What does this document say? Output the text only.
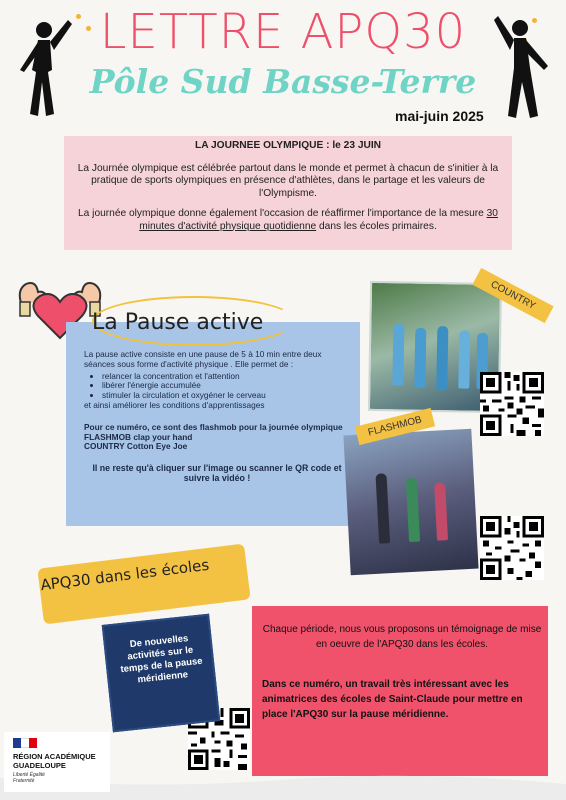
LETTRE APQ30
Pôle Sud Basse-Terre
mai-juin 2025

LA JOURNEE OLYMPIQUE : le 23 JUIN

La Journée olympique est célébrée partout dans le monde et permet à chacun de s'initier à la pratique de sports olympiques en présence d'athlètes, dans le partage et les valeurs de l'Olympisme.

La journée olympique donne également l'occasion de réaffirmer l'importance de la mesure 30 minutes d'activité physique quotidienne dans les écoles primaires.

La Pause active

La pause active consiste en une pause de 5 à 10 min entre deux séances sous forme d'activité physique . Elle permet de :

• relancer la concentration et l'attention
• libérer l'énergie accumulée
• stimuler la circulation et oxygéner le cerveau

et ainsi améliorer les conditions d'apprentissages

Pour ce numéro, ce sont des flashmob pour la journée olympique

FLASHMOB clap your hand

COUNTRY Cotton Eye Joe

Il ne reste qu'à cliquer sur l'image ou scanner le QR code et suivre la vidéo !

COUNTRY
FLASHMOB
APQ30 dans les écoles
De nouvelles activités sur le temps de la pause méridienne
Chaque période, nous vous proposons un témoignage de mise en oeuvre de l'APQ30 dans les écoles.
Dans ce numéro, un travail très intéressant avec les animatrices des écoles de Saint-Claude pour mettre en place l'APQ30 sur la pause méridienne.
RÉGION ACADÉMIQUE
GUADELOUPE
Liberté Égalité Fraternité
